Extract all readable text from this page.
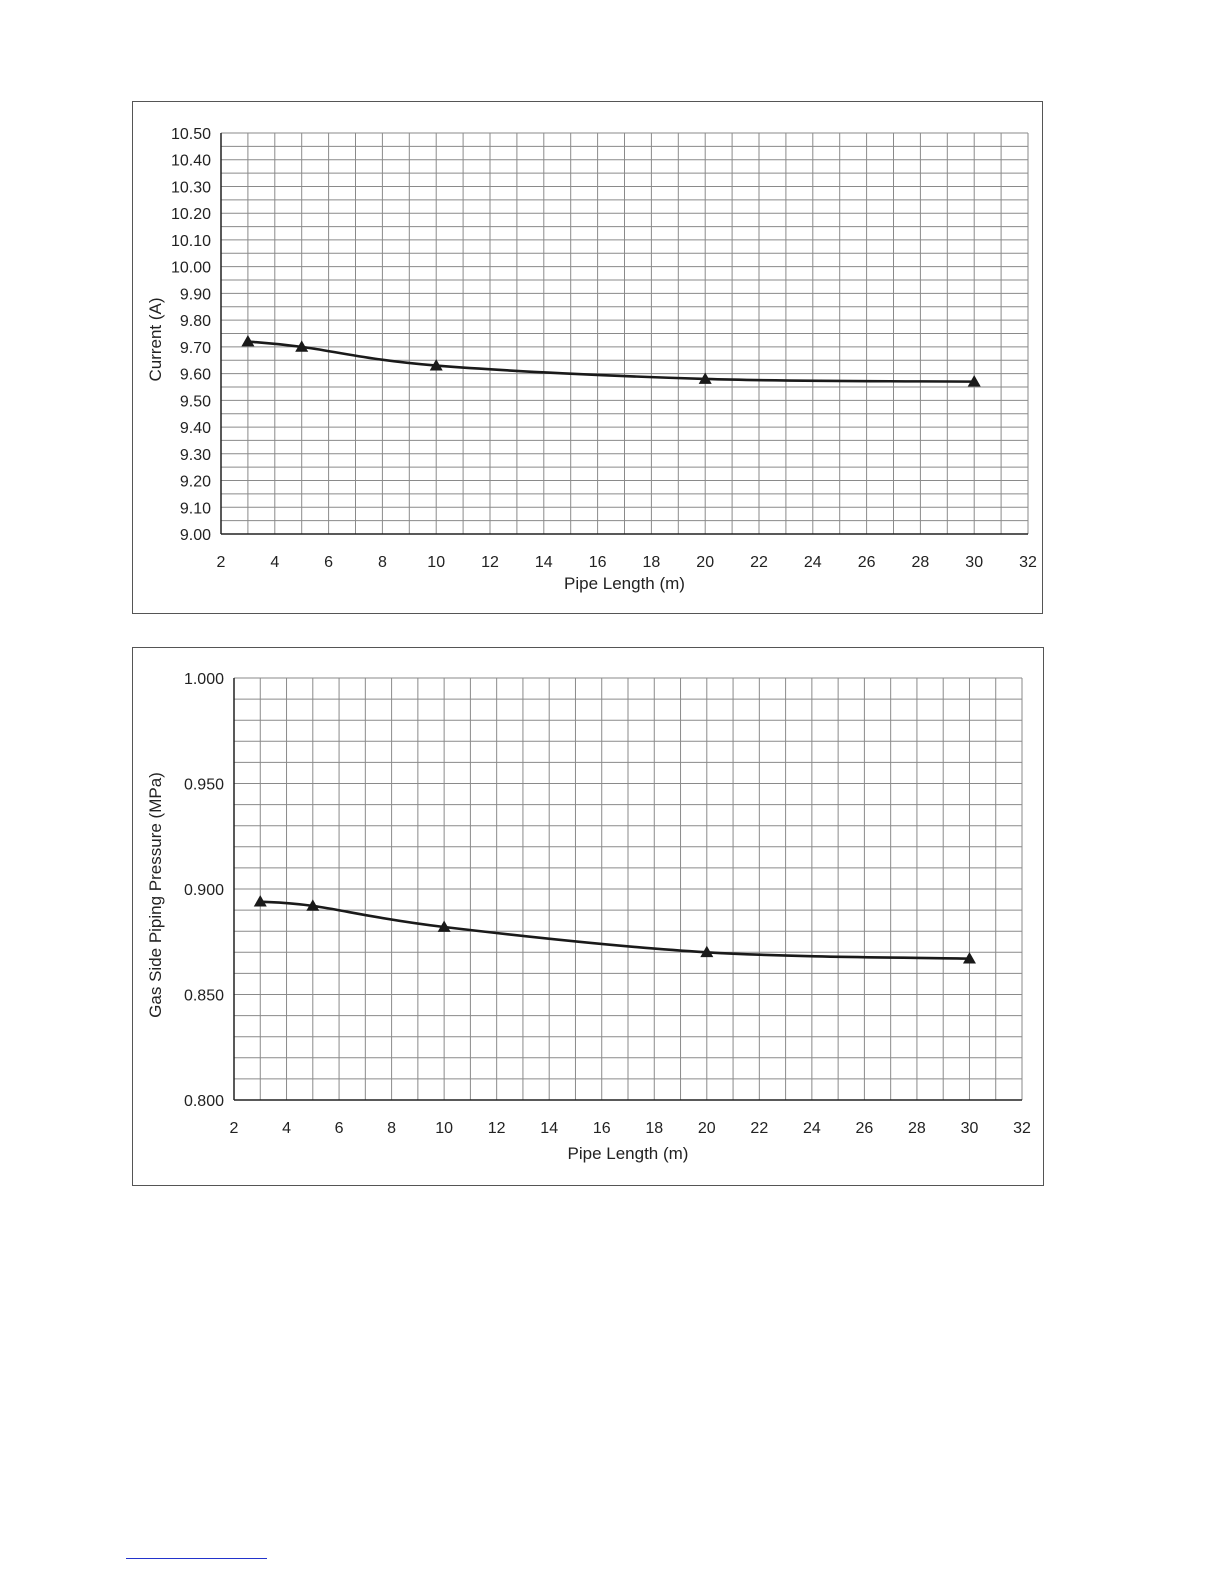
9.00
9.10
9.20
9.30
9.40
9.50
9.60
9.70
9.80
9.90
10.00
10.10
10.20
10.30
10.40
10.50
2	4	6	8	10 12 14 16 18 20 22 24 26 28 30 32
Pipe Length (m)
Current (A)
0.800
0.850
0.900
0.950
1.000
2	4	6	8 10 12 14 16 18 20 22 24 26 28 30 32
Pipe Length (m)
Gas Side Piping Pressure (MPa)
